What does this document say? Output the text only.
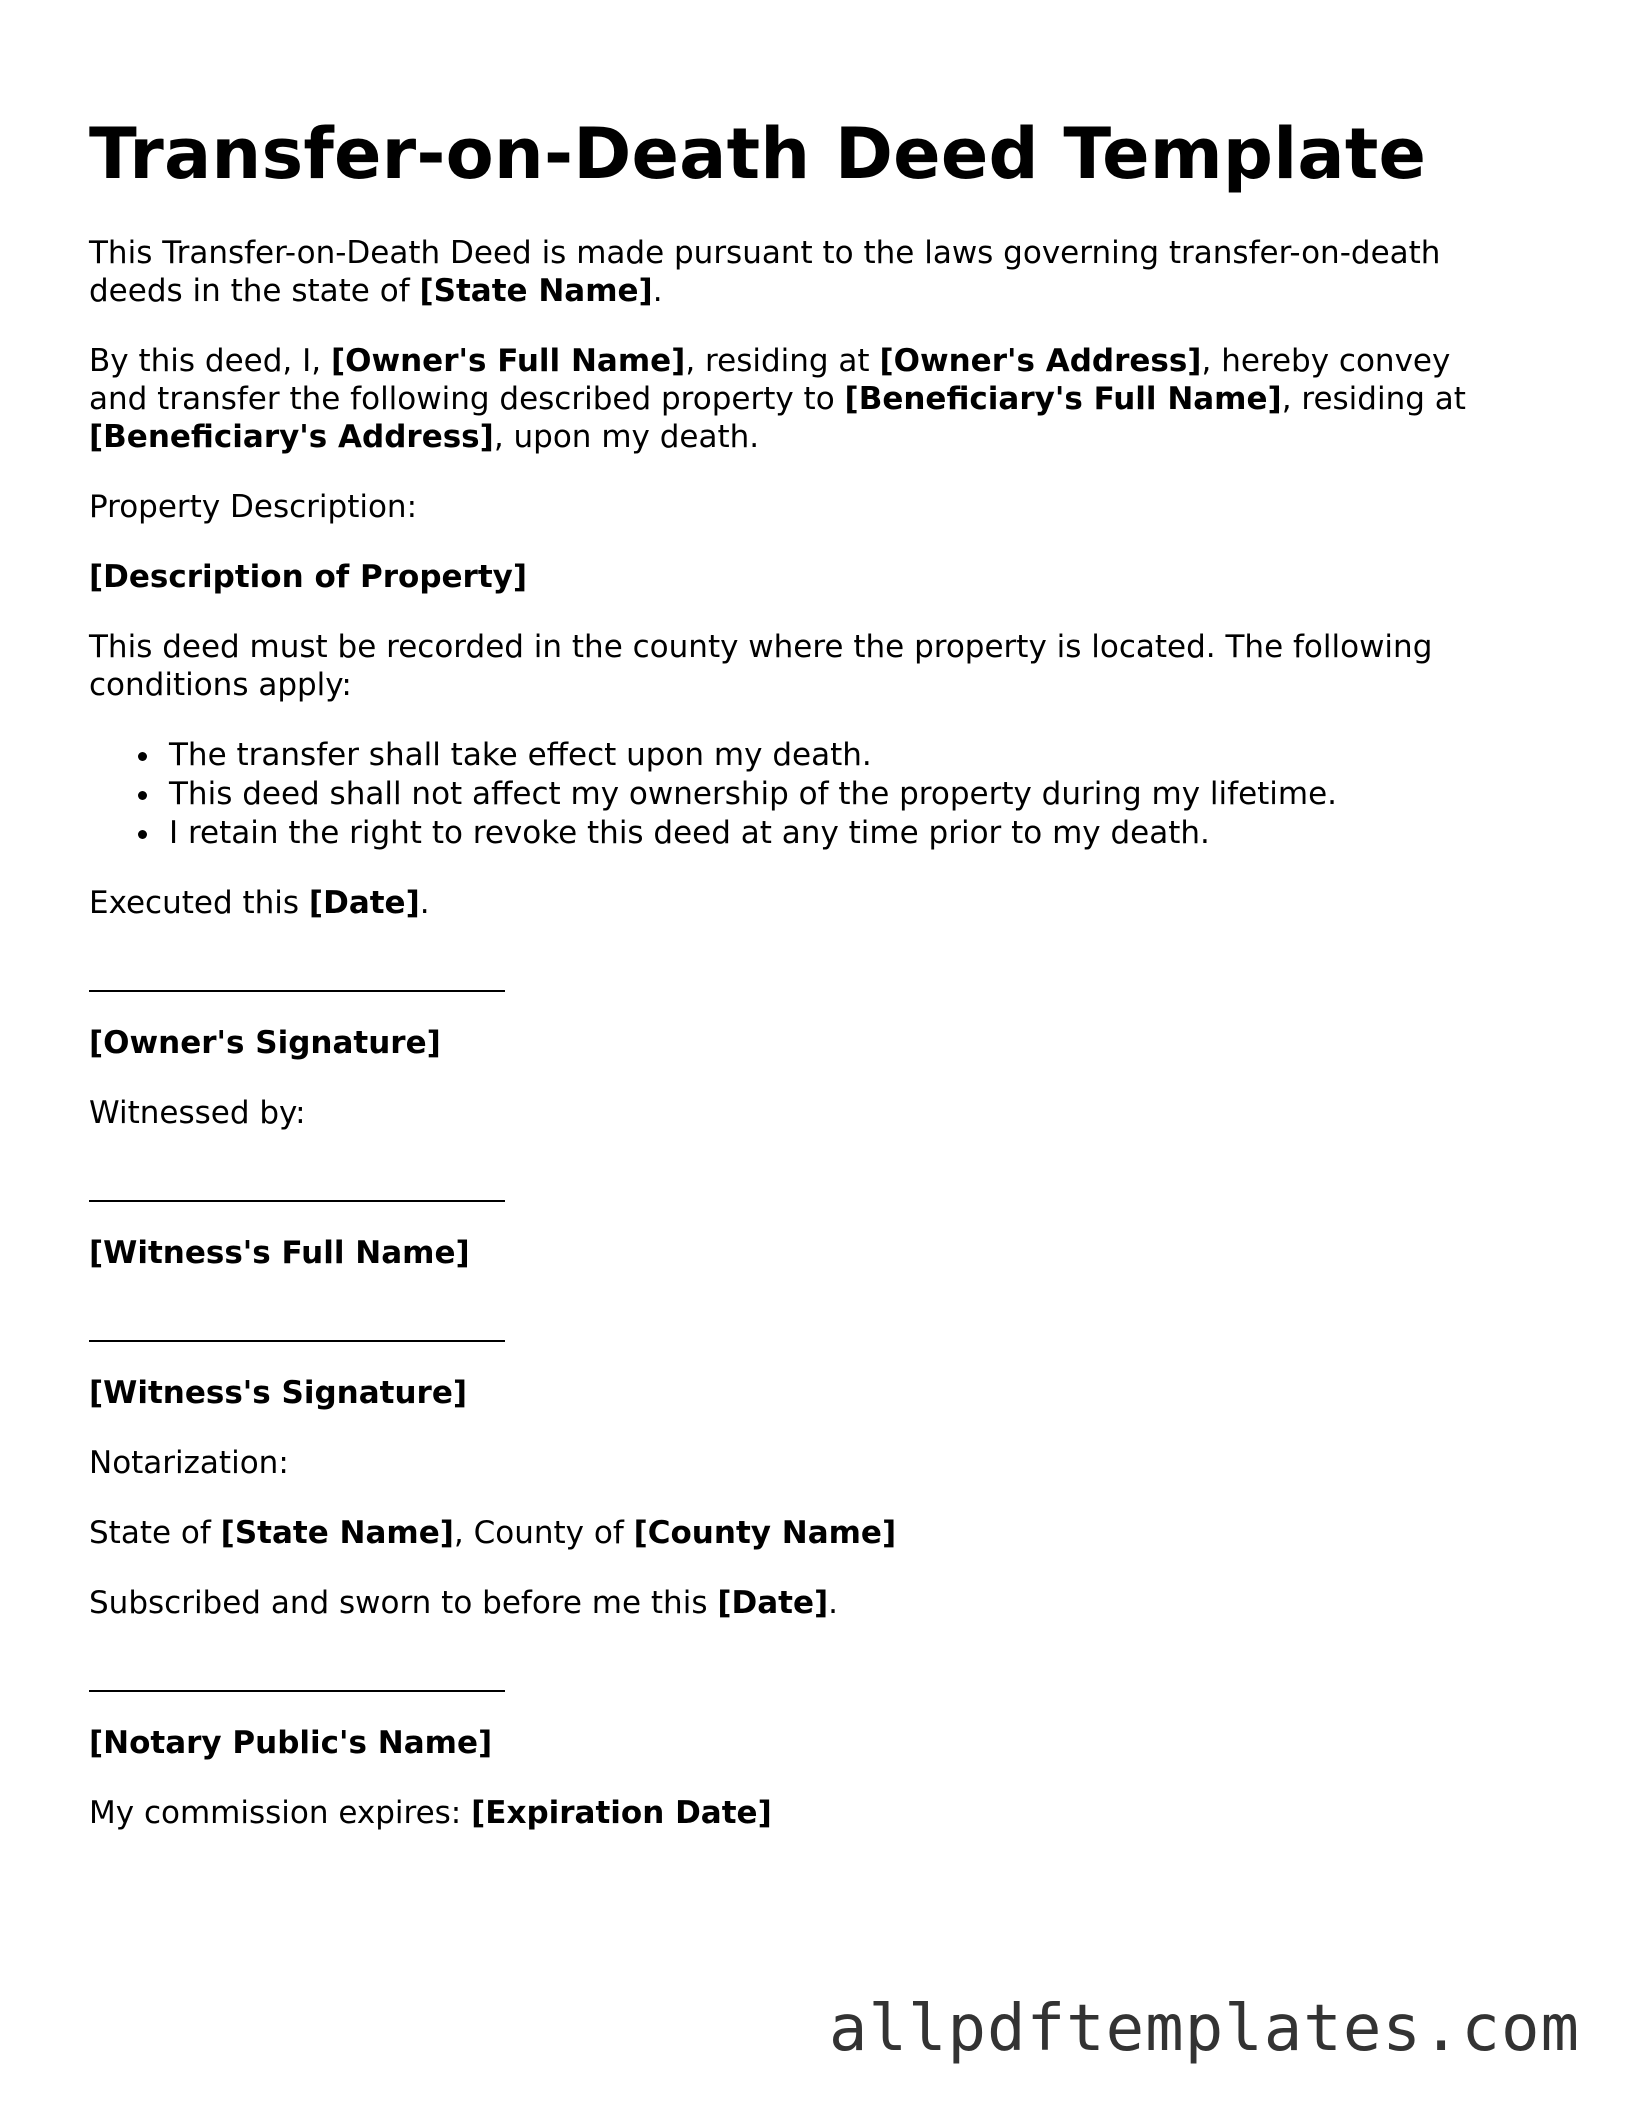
Transfer-on-Death Deed Template

This Transfer-on-Death Deed is made pursuant to the laws governing transfer-on-death

deeds in the state of [State Name].

By this deed, I, [Owner's Full Name], residing at [Owner's Address], hereby convey

and transfer the following described property to [Beneficiary's Full Name], residing at

[Beneficiary's Address], upon my death.

Property Description:

[Description of Property]

This deed must be recorded in the county where the property is located. The following

conditions apply:

The transfer shall take effect upon my death.
This deed shall not affect my ownership of the property during my lifetime.
I retain the right to revoke this deed at any time prior to my death.

Executed this [Date].

[Owner's Signature]

Witnessed by:

[Witness's Full Name]

[Witness's Signature]

Notarization:

State of [State Name], County of [County Name]

Subscribed and sworn to before me this [Date].

[Notary Public's Name]

My commission expires: [Expiration Date]

allpdftemplates.com
